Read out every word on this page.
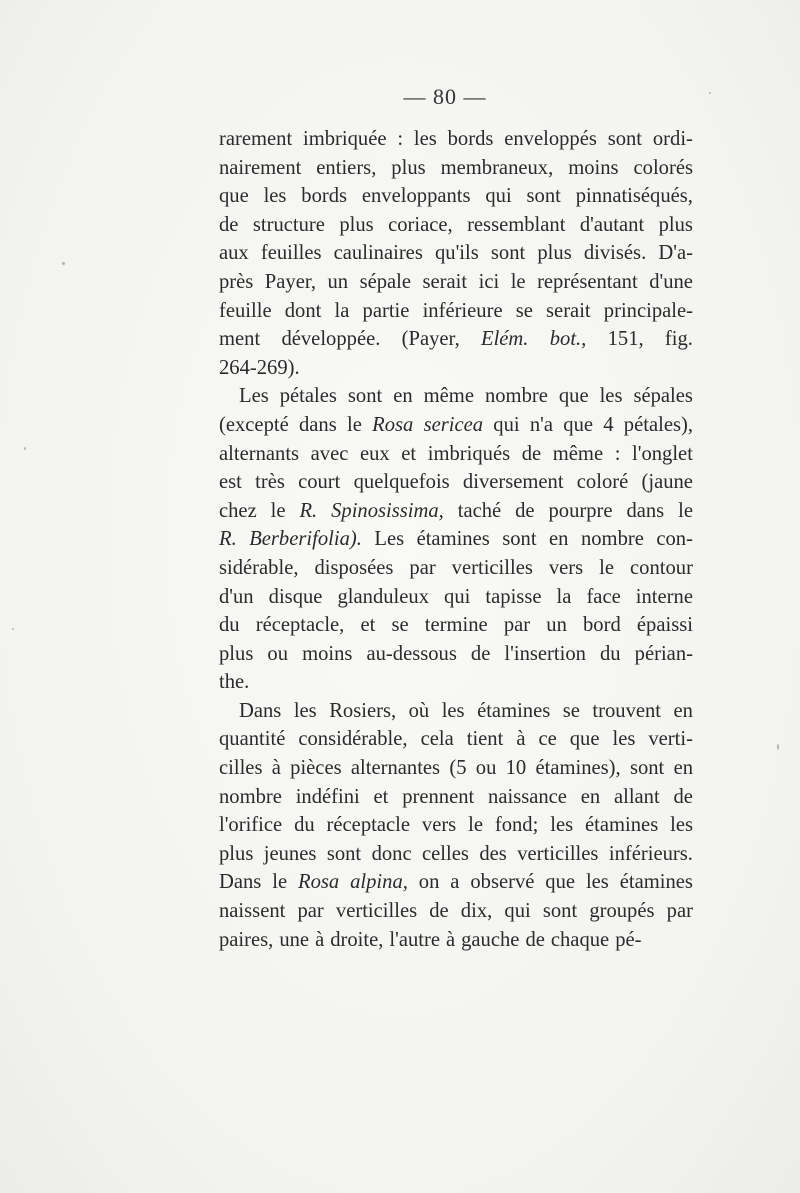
— 80 —
rarement imbriquée : les bords enveloppés sont ordi-
nairement entiers, plus membraneux, moins colorés
que les bords enveloppants qui sont pinnatiséqués,
de structure plus coriace, ressemblant d'autant plus
aux feuilles caulinaires qu'ils sont plus divisés. D'a-
près Payer, un sépale serait ici le représentant d'une
feuille dont la partie inférieure se serait principale-
ment développée. (Payer, Elém. bot., 151, fig.
264-269).
Les pétales sont en même nombre que les sépales
(excepté dans le Rosa sericea qui n'a que 4 pétales),
alternants avec eux et imbriqués de même : l'onglet
est très court quelquefois diversement coloré (jaune
chez le R. Spinosissima, taché de pourpre dans le
R. Berberifolia). Les étamines sont en nombre con-
sidérable, disposées par verticilles vers le contour
d'un disque glanduleux qui tapisse la face interne
du réceptacle, et se termine par un bord épaissi
plus ou moins au-dessous de l'insertion du périan-
the.
Dans les Rosiers, où les étamines se trouvent en
quantité considérable, cela tient à ce que les verti-
cilles à pièces alternantes (5 ou 10 étamines), sont en
nombre indéfini et prennent naissance en allant de
l'orifice du réceptacle vers le fond; les étamines les
plus jeunes sont donc celles des verticilles inférieurs.
Dans le Rosa alpina, on a observé que les étamines
naissent par verticilles de dix, qui sont groupés par
paires, une à droite, l'autre à gauche de chaque pé-
